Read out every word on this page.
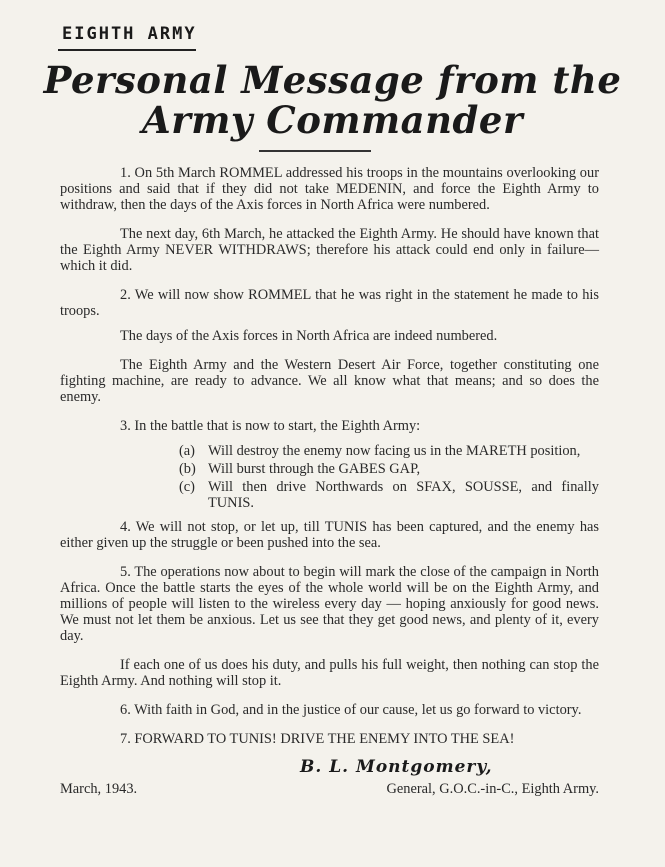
EIGHTH ARMY
Personal Message from the
Army Commander

1. On 5th March ROMMEL addressed his troops in the mountains overlooking our positions and said that if they did not take MEDENIN, and force the Eighth Army to withdraw, then the days of the Axis forces in North Africa were numbered.

The next day, 6th March, he attacked the Eighth Army. He should have known that the Eighth Army NEVER WITHDRAWS; therefore his attack could end only in failure—which it did.

2. We will now show ROMMEL that he was right in the statement he made to his troops.

The days of the Axis forces in North Africa are indeed numbered.

The Eighth Army and the Western Desert Air Force, together constituting one fighting machine, are ready to advance. We all know what that means; and so does the enemy.

3. In the battle that is now to start, the Eighth Army:

(a) Will destroy the enemy now facing us in the MARETH position,
(b) Will burst through the GABES GAP,
(c) Will then drive Northwards on SFAX, SOUSSE, and finally TUNIS.

4. We will not stop, or let up, till TUNIS has been captured, and the enemy has either given up the struggle or been pushed into the sea.

5. The operations now about to begin will mark the close of the campaign in North Africa. Once the battle starts the eyes of the whole world will be on the Eighth Army, and millions of people will listen to the wireless every day — hoping anxiously for good news. We must not let them be anxious. Let us see that they get good news, and plenty of it, every day.

If each one of us does his duty, and pulls his full weight, then nothing can stop the Eighth Army. And nothing will stop it.

6. With faith in God, and in the justice of our cause, let us go forward to victory.

7. FORWARD TO TUNIS! DRIVE THE ENEMY INTO THE SEA!

B. L. Montgomery,
March, 1943.	General, G.O.C.-in-C., Eighth Army.
